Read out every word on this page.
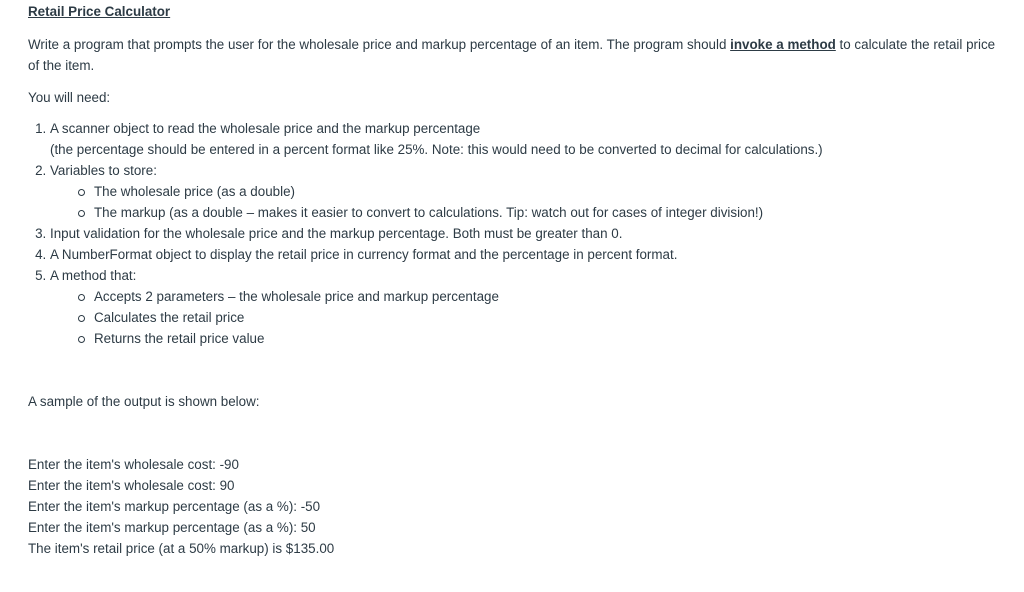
Retail Price Calculator

Write a program that prompts the user for the wholesale price and markup percentage of an item. The program should invoke a method to calculate the retail price of the item.

You will need:

1. A scanner object to read the wholesale price and the markup percentage
(the percentage should be entered in a percent format like 25%. Note: this would need to be converted to decimal for calculations.)
2. Variables to store:
The wholesale price (as a double)
The markup (as a double – makes it easier to convert to calculations. Tip: watch out for cases of integer division!)
3. Input validation for the wholesale price and the markup percentage. Both must be greater than 0.
4. A NumberFormat object to display the retail price in currency format and the percentage in percent format.
5. A method that:
Accepts 2 parameters – the wholesale price and markup percentage
Calculates the retail price
Returns the retail price value

A sample of the output is shown below:

Enter the item's wholesale cost: -90

Enter the item's wholesale cost: 90

Enter the item's markup percentage (as a %): -50

Enter the item's markup percentage (as a %): 50

The item's retail price (at a 50% markup) is $135.00
